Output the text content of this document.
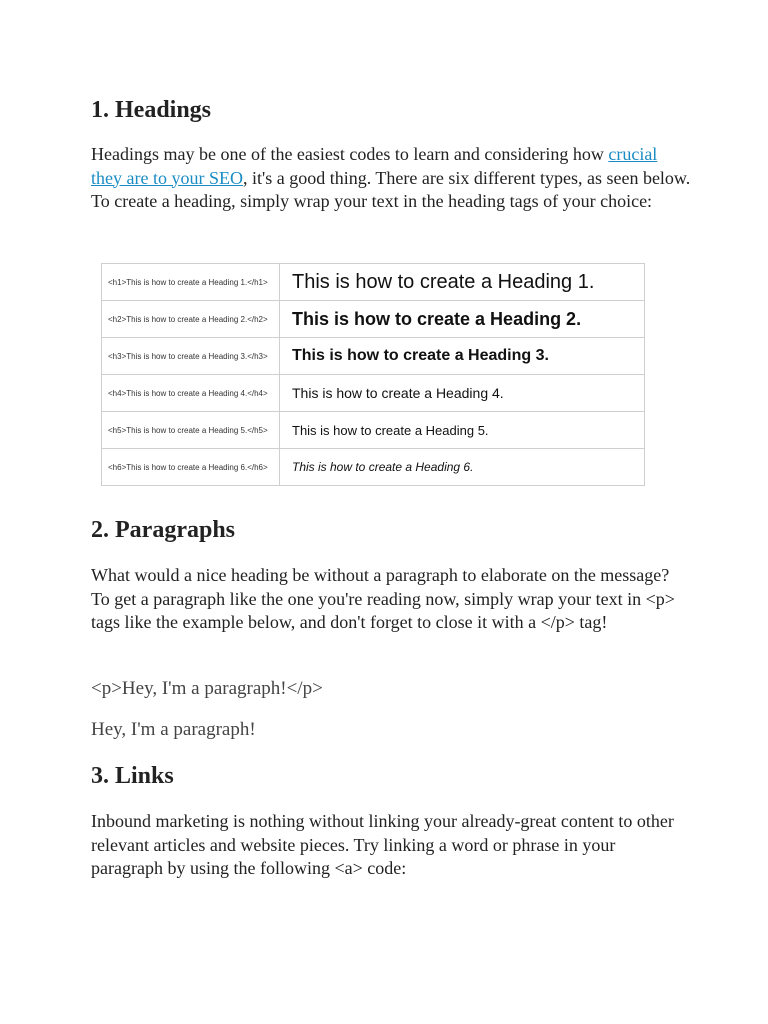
1. Headings

Headings may be one of the easiest codes to learn and considering how crucial they are to your SEO, it's a good thing. There are six different types, as seen below. To create a heading, simply wrap your text in the heading tags of your choice:

2. Paragraphs

What would a nice heading be without a paragraph to elaborate on the message? To get a paragraph like the one you're reading now, simply wrap your text in <p> tags like the example below, and don't forget to close it with a </p> tag!

<p>Hey, I'm a paragraph!</p>
Hey, I'm a paragraph!
3. Links

Inbound marketing is nothing without linking your already-great content to other relevant articles and website pieces. Try linking a word or phrase in your paragraph by using the following <a> code:

<h1>This is how to create a Heading 1.</h1>	This is how to create a Heading 1.
<h2>This is how to create a Heading 2.</h2>	This is how to create a Heading 2.
<h3>This is how to create a Heading 3.</h3>	This is how to create a Heading 3.
<h4>This is how to create a Heading 4.</h4>	This is how to create a Heading 4.
<h5>This is how to create a Heading 5.</h5>	This is how to create a Heading 5.
<h6>This is how to create a Heading 6.</h6>	This is how to create a Heading 6.
